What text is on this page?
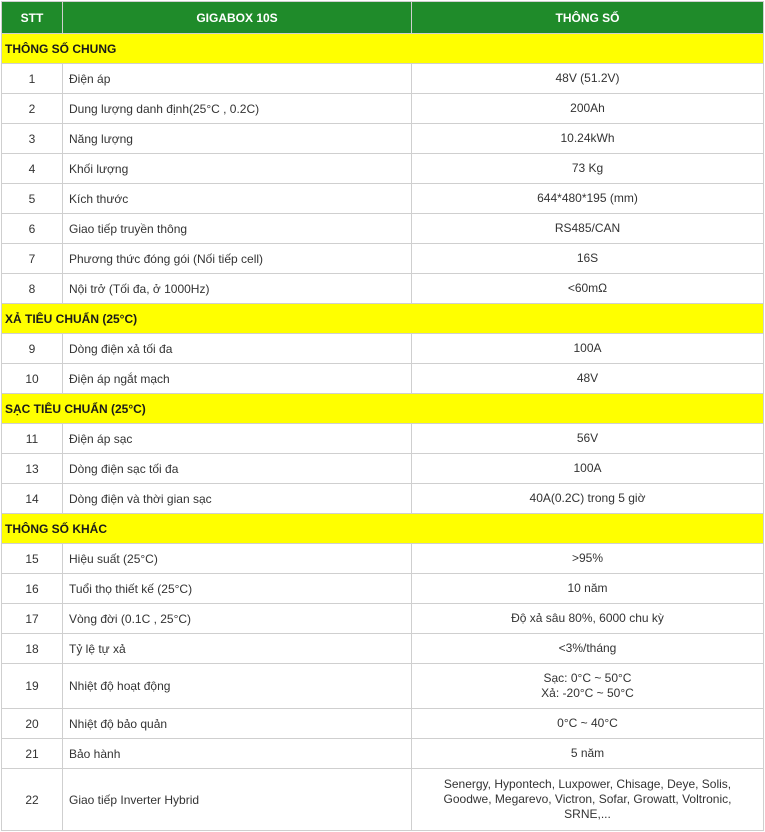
STT	GIGABOX 10S	THÔNG SỐ
THÔNG SỐ CHUNG		
1	Điện áp	48V (51.2V)

2	Dung lượng danh định(25°C , 0.2C)	200Ah

3	Năng lượng	10.24kWh

4	Khối lượng	73 Kg

5	Kích thước	644*480*195 (mm)

6	Giao tiếp truyền thông	RS485/CAN

7	Phương thức đóng gói (Nối tiếp cell)	16S

8	Nội trở (Tối đa, ở 1000Hz)	<60mΩ

XẢ TIÊU CHUẨN (25°C)		
9	Dòng điện xả tối đa	100A

10	Điện áp ngắt mạch	48V

SẠC TIÊU CHUẨN (25°C)		
11	Điện áp sạc	56V

13	Dòng điện sạc tối đa	100A

14	Dòng điện và thời gian sạc	40A(0.2C) trong 5 giờ

THÔNG SỐ KHÁC		
15	Hiệu suất (25°C)	>95%

16	Tuổi thọ thiết kế (25°C)	10 năm

17	Vòng đời (0.1C , 25°C)	Độ xả sâu 80%, 6000 chu kỳ

18	Tỷ lệ tự xả	<3%/tháng

19	Nhiệt độ hoạt động	Sạc: 0°C ~ 50°C
Xả: -20°C ~ 50°C

20	Nhiệt độ bảo quản	0°C ~ 40°C

21	Bảo hành	5 năm

22	Giao tiếp Inverter Hybrid	Senergy, Hypontech, Luxpower, Chisage, Deye, Solis,
Goodwe, Megarevo, Victron, Sofar, Growatt, Voltronic,
SRNE,...
